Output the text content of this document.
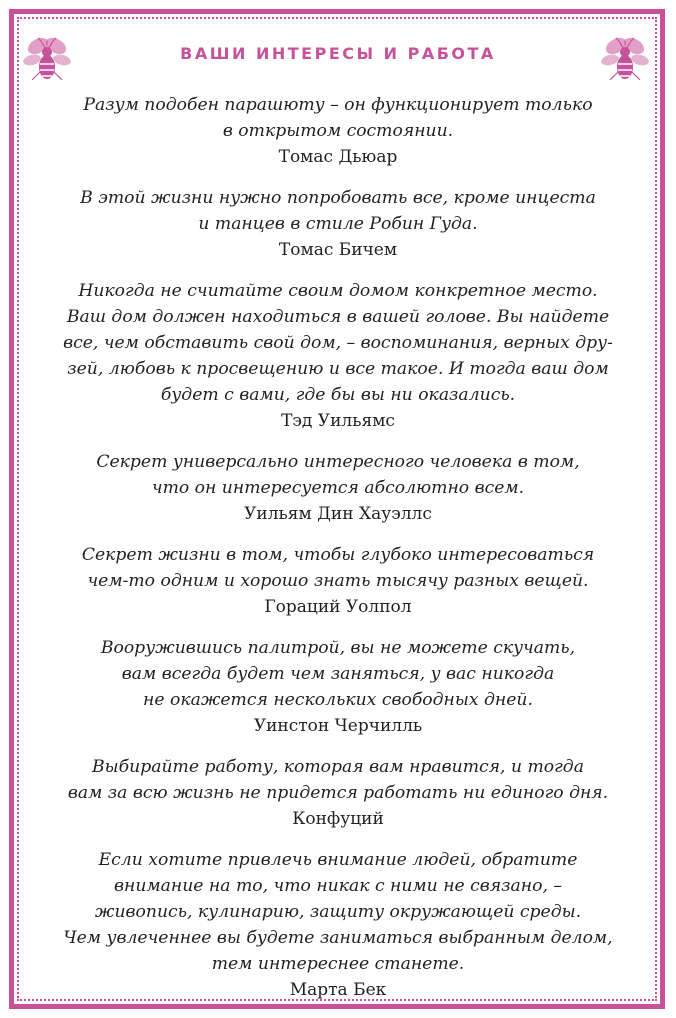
ВАШИ ИНТЕРЕСЫ И РАБОТА
Разум подобен парашюту – он функционирует только
в открытом состоянии.
Томас Дьюар
В этой жизни нужно попробовать все, кроме инцеста
и танцев в стиле Робин Гуда.
Томас Бичем
Никогда не считайте своим домом конкретное место.
Ваш дом должен находиться в вашей голове. Вы найдете
все, чем обставить свой дом, – воспоминания, верных дру-
зей, любовь к просвещению и все такое. И тогда ваш дом
будет с вами, где бы вы ни оказались.
Тэд Уильямс
Секрет универсально интересного человека в том,
что он интересуется абсолютно всем.
Уильям Дин Хауэллс
Секрет жизни в том, чтобы глубоко интересоваться
чем-то одним и хорошо знать тысячу разных вещей.
Гораций Уолпол
Вооружившись палитрой, вы не можете скучать,
вам всегда будет чем заняться, у вас никогда
не окажется нескольких свободных дней.
Уинстон Черчилль
Выбирайте работу, которая вам нравится, и тогда
вам за всю жизнь не придется работать ни единого дня.
Конфуций
Если хотите привлечь внимание людей, обратите
внимание на то, что никак с ними не связано, –
живопись, кулинарию, защиту окружающей среды.
Чем увлеченнее вы будете заниматься выбранным делом,
тем интереснее станете.
Марта Бек
